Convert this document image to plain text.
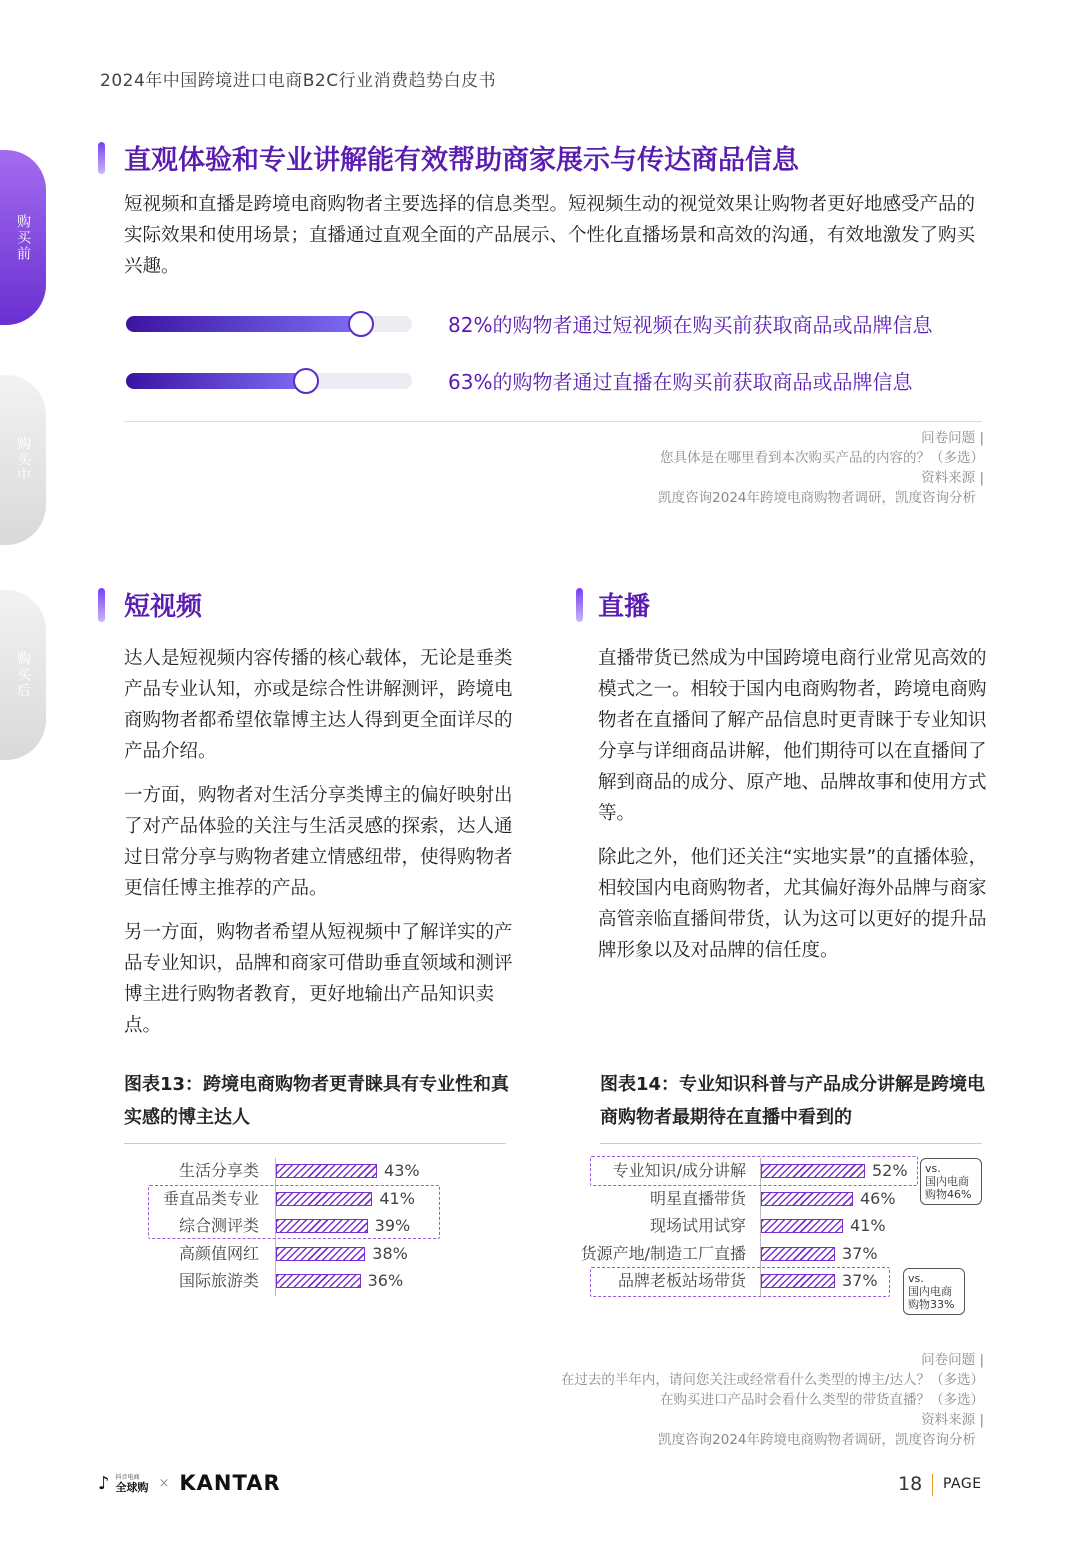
2024年中国跨境进口电商B2C行业消费趋势白皮书
购买前
购买中
购买后
直观体验和专业讲解能有效帮助商家展示与传达商品信息
短视频和直播是跨境电商购物者主要选择的信息类型。短视频生动的视觉效果让购物者更好地感受产品的实际效果和使用场景；直播通过直观全面的产品展示、个性化直播场景和高效的沟通，有效地激发了购买兴趣。
82%的购物者通过短视频在购买前获取商品或品牌信息
63%的购物者通过直播在购买前获取商品或品牌信息
问卷问题 |
您具体是在哪里看到本次购买产品的内容的？（多选）
资料来源 |
凯度咨询2024年跨境电商购物者调研，凯度咨询分析
短视频

达人是短视频内容传播的核心载体，无论是垂类产品专业认知，亦或是综合性讲解测评，跨境电商购物者都希望依靠博主达人得到更全面详尽的产品介绍。

一方面，购物者对生活分享类博主的偏好映射出了对产品体验的关注与生活灵感的探索，达人通过日常分享与购物者建立情感纽带，使得购物者更信任博主推荐的产品。

另一方面，购物者希望从短视频中了解详实的产品专业知识，品牌和商家可借助垂直领域和测评博主进行购物者教育，更好地输出产品知识卖点。

直播

直播带货已然成为中国跨境电商行业常见高效的模式之一。相较于国内电商购物者，跨境电商购物者在直播间了解产品信息时更青睐于专业知识分享与详细商品讲解，他们期待可以在直播间了解到商品的成分、原产地、品牌故事和使用方式等。

除此之外，他们还关注“实地实景”的直播体验，相较国内电商购物者，尤其偏好海外品牌与商家高管亲临直播间带货，认为这可以更好的提升品牌形象以及对品牌的信任度。

图表13：跨境电商购物者更青睐具有专业性和真实感的博主达人
生活分享类	43%
垂直品类专业	41%
综合测评类	39%
高颜值网红	38%
国际旅游类	36%
图表14：专业知识科普与产品成分讲解是跨境电商购物者最期待在直播中看到的
专业知识/成分讲解	52%
明星直播带货	46%
现场试用试穿	41%
货源产地/制造工厂直播	37%
品牌老板站场带货	37%
vs.
国内电商
购物46%
vs.
国内电商
购物33%
问卷问题 |
在过去的半年内，请问您关注或经常看什么类型的博主/达人？（多选）
在购买进口产品时会看什么类型的带货直播？（多选）
资料来源 |
凯度咨询2024年跨境电商购物者调研，凯度咨询分析
♪ 抖音电商
全球购 × KANTAR	18 PAGE
